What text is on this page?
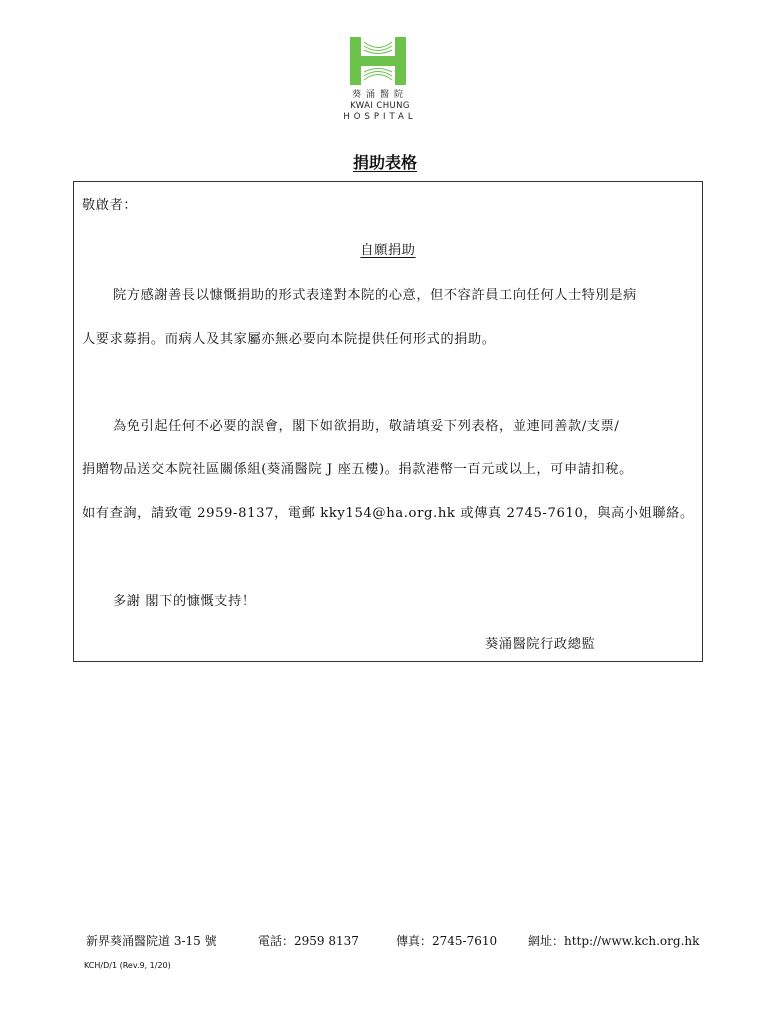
葵涌醫院
KWAI CHUNG
HOSPITAL
捐助表格
敬啟者：
自願捐助
院方感謝善長以慷慨捐助的形式表達對本院的心意，但不容許員工向任何人士特別是病
人要求募捐。而病人及其家屬亦無必要向本院提供任何形式的捐助。
為免引起任何不必要的誤會，閣下如欲捐助，敬請填妥下列表格，並連同善款/支票/
捐贈物品送交本院社區關係組(葵涌醫院 J 座五樓)。捐款港幣一百元或以上，可申請扣稅。
如有查詢，請致電 2959-8137，電郵 kky154@ha.org.hk 或傳真 2745-7610，與高小姐聯絡。
多謝 閣下的慷慨支持！
葵涌醫院行政總監
新界葵涌醫院道 3-15 號	電話：2959 8137	傳真：2745-7610	網址：http://www.kch.org.hk
KCH/D/1 (Rev.9, 1/20)
